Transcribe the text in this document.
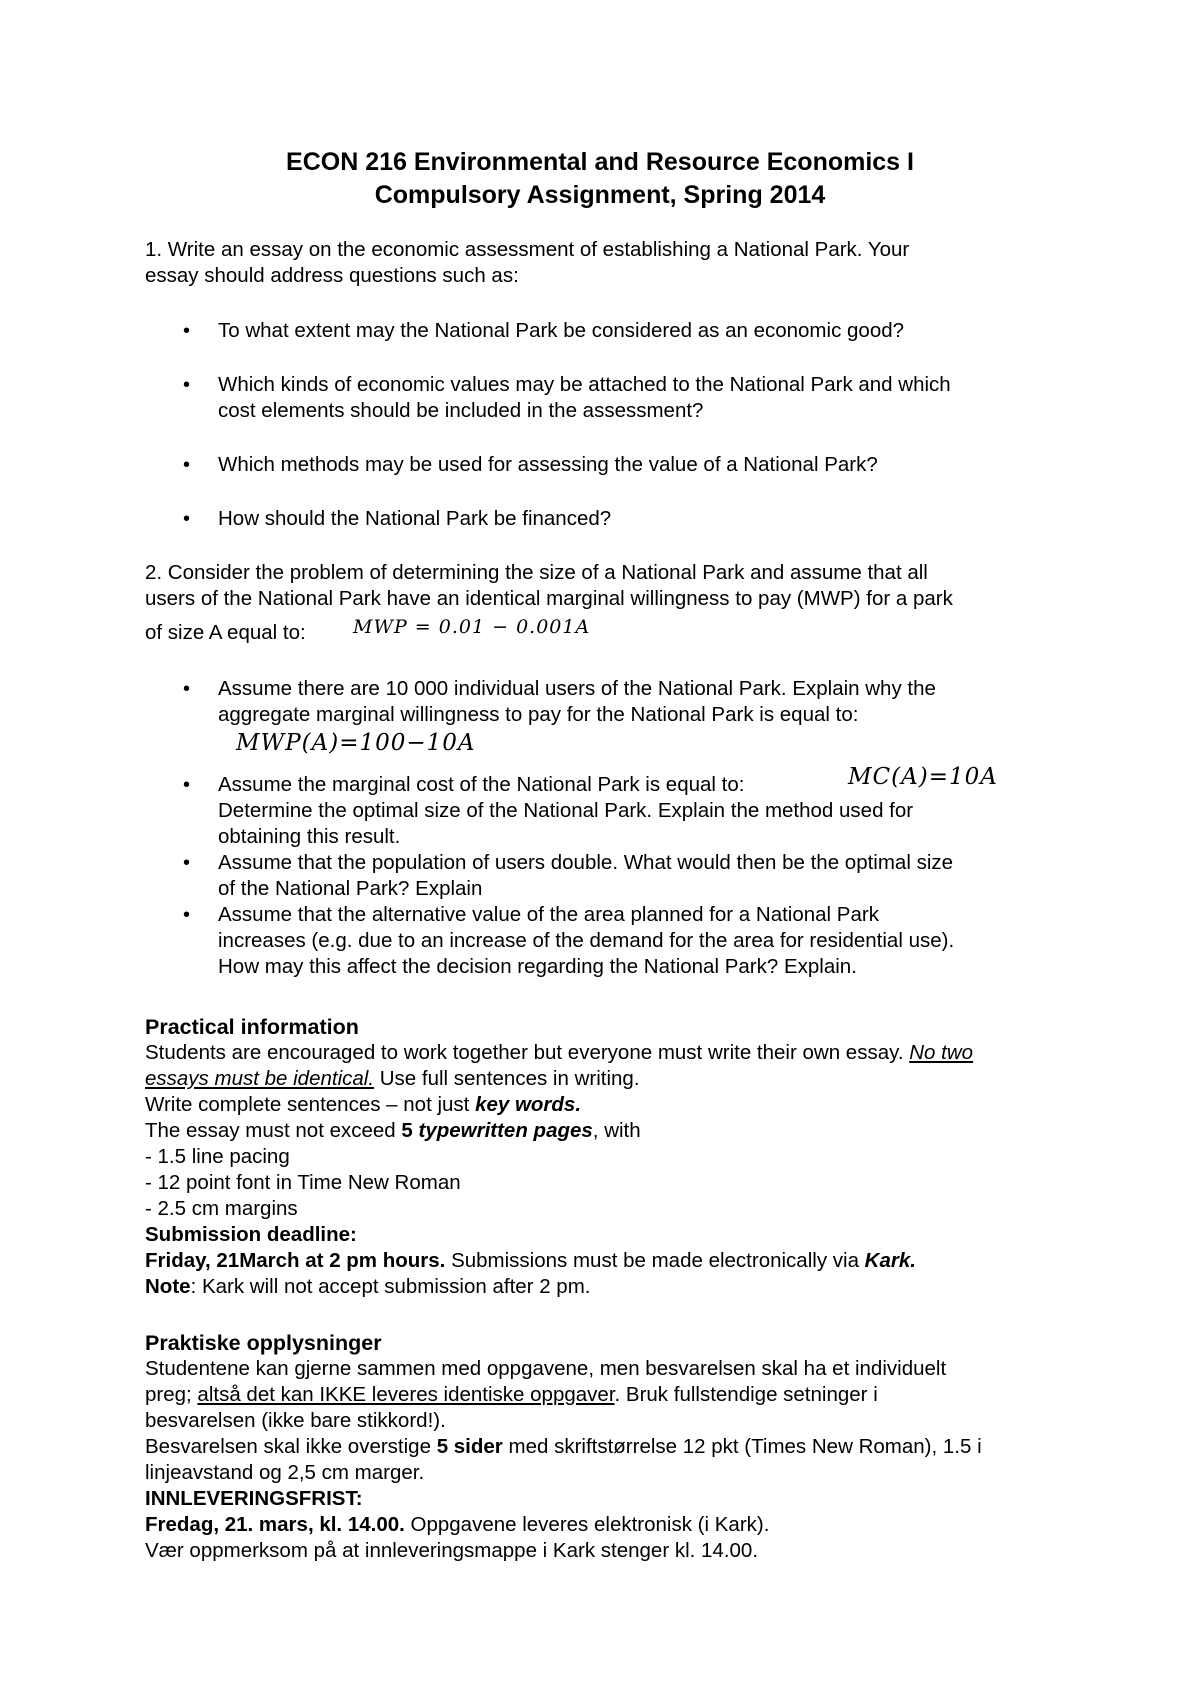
ECON 216 Environmental and Resource Economics I
Compulsory Assignment, Spring 2014
1. Write an essay on the economic assessment of establishing a National Park. Your
essay should address questions such as:
•
To what extent may the National Park be considered as an economic good?
•
Which kinds of economic values may be attached to the National Park and which
cost elements should be included in the assessment?
•
Which methods may be used for assessing the value of a National Park?
•
How should the National Park be financed?
2. Consider the problem of determining the size of a National Park and assume that all
users of the National Park have an identical marginal willingness to pay (MWP) for a park
of size A equal to:	MWP = 0.01 − 0.001A
•
Assume there are 10 000 individual users of the National Park. Explain why the
aggregate marginal willingness to pay for the National Park is equal to:
MWP(A)=100−10A
•
Assume the marginal cost of the National Park is equal to:	MC(A)=10A
Determine the optimal size of the National Park. Explain the method used for
obtaining this result.
•
Assume that the population of users double. What would then be the optimal size
of the National Park? Explain
•
Assume that the alternative value of the area planned for a National Park
increases (e.g. due to an increase of the demand for the area for residential use).
How may this affect the decision regarding the National Park? Explain.
Practical information
Students are encouraged to work together but everyone must write their own essay. No two
essays must be identical. Use full sentences in writing.
Write complete sentences – not just key words.
The essay must not exceed 5 typewritten pages, with
- 1.5 line pacing
- 12 point font in Time New Roman
- 2.5 cm margins
Submission deadline:
Friday, 21March at 2 pm hours. Submissions must be made electronically via Kark.
Note: Kark will not accept submission after 2 pm.
Praktiske opplysninger
Studentene kan gjerne sammen med oppgavene, men besvarelsen skal ha et individuelt
preg; altså det kan IKKE leveres identiske oppgaver. Bruk fullstendige setninger i
besvarelsen (ikke bare stikkord!).
Besvarelsen skal ikke overstige 5 sider med skriftstørrelse 12 pkt (Times New Roman), 1.5 i
linjeavstand og 2,5 cm marger.
INNLEVERINGSFRIST:
Fredag, 21. mars, kl. 14.00. Oppgavene leveres elektronisk (i Kark).
Vær oppmerksom på at innleveringsmappe i Kark stenger kl. 14.00.
